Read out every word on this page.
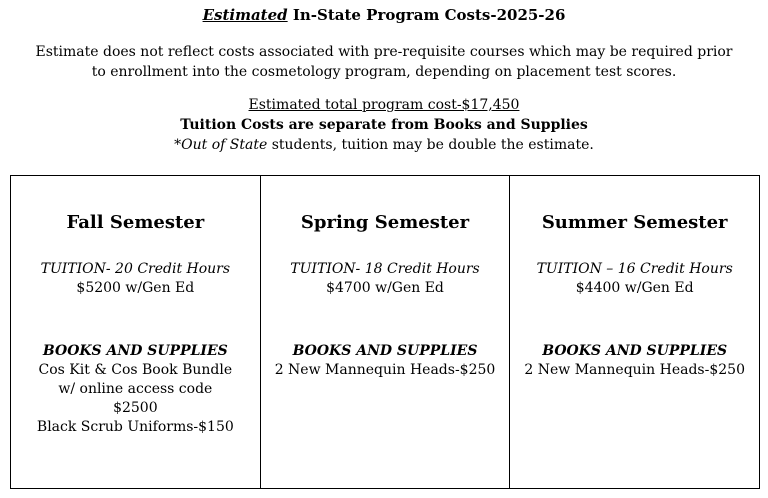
Estimated In-State Program Costs-2025-26
Estimate does not reflect costs associated with pre-requisite courses which may be required prior
to enrollment into the cosmetology program, depending on placement test scores.
Estimated total program cost-$17,450
Tuition Costs are separate from Books and Supplies
*Out of State students, tuition may be double the estimate.
Fall Semester
TUITION- 20 Credit Hours
$5200 w/Gen Ed
BOOKS AND SUPPLIES
Cos Kit & Cos Book Bundle
w/ online access code
$2500
Black Scrub Uniforms-$150
Spring Semester
TUITION- 18 Credit Hours
$4700 w/Gen Ed
BOOKS AND SUPPLIES
2 New Mannequin Heads-$250
Summer Semester
TUITION – 16 Credit Hours
$4400 w/Gen Ed
BOOKS AND SUPPLIES
2 New Mannequin Heads-$250
